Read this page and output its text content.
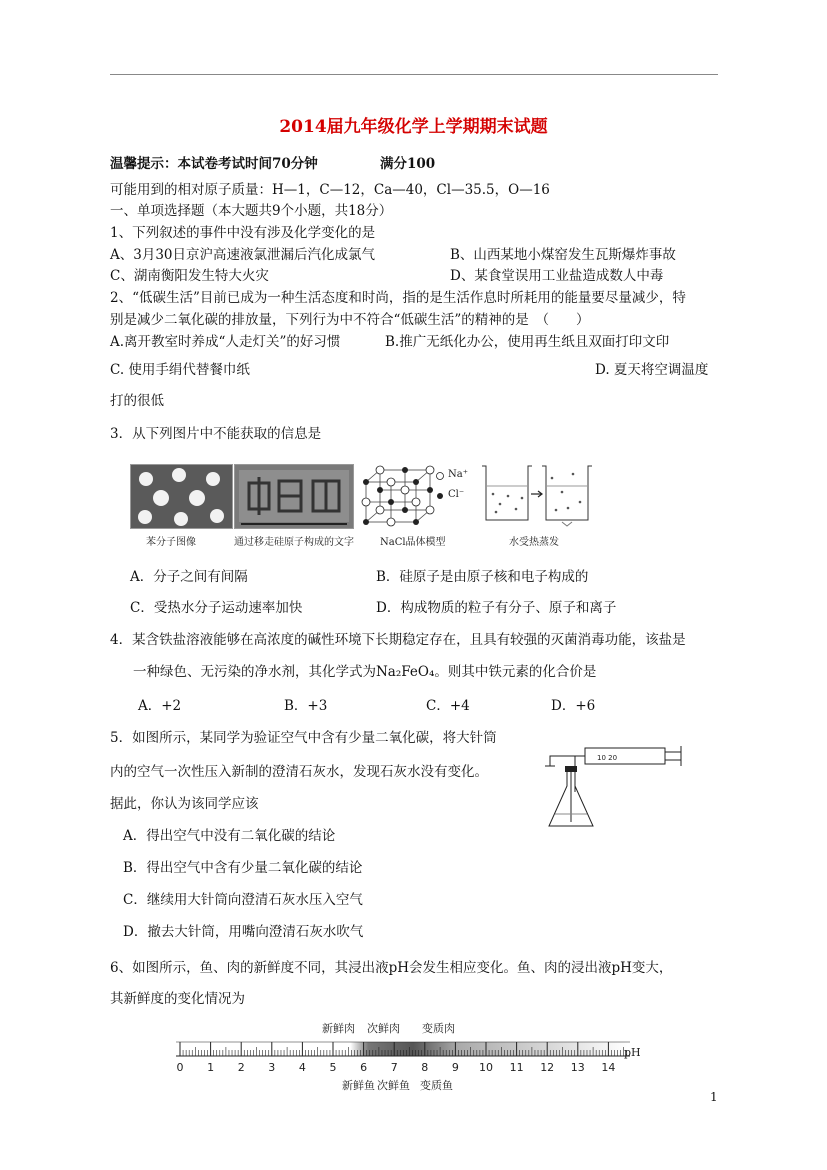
2014届九年级化学上学期期末试题
温馨提示：本试卷考试时间70分钟	满分100
可能用到的相对原子质量：H—1，C—12，Ca—40，Cl—35.5，O—16
一、单项选择题（本大题共9个小题，共18分）
1、下列叙述的事件中没有涉及化学变化的是
A、3月30日京沪高速液氯泄漏后汽化成氯气	B、山西某地小煤窑发生瓦斯爆炸事故
C、湖南衡阳发生特大火灾	D、某食堂误用工业盐造成数人中毒
2、“低碳生活”目前已成为一种生活态度和时尚，指的是生活作息时所耗用的能量要尽量减少，特
别是减少二氧化碳的排放量，下列行为中不符合“低碳生活”的精神的是　（　　）
A.离开教室时养成“人走灯关”的好习惯	B.推广无纸化办公，使用再生纸且双面打印文印
C. 使用手绢代替餐巾纸	D. 夏天将空调温度
打的很低
3．从下列图片中不能获取的信息是
Na⁺
Cl⁻
苯分子图像	通过移走硅原子构成的文字	NaCl晶体模型	水受热蒸发
A．分子之间有间隔	B．硅原子是由原子核和电子构成的
C．受热水分子运动速率加快	D．构成物质的粒子有分子、原子和离子
4．某含铁盐溶液能够在高浓度的碱性环境下长期稳定存在，且具有较强的灭菌消毒功能，该盐是
一种绿色、无污染的净水剂，其化学式为Na₂FeO₄。则其中铁元素的化合价是
A．+2	B．+3	C．+4	D．+6
5．如图所示，某同学为验证空气中含有少量二氧化碳，将大针筒
内的空气一次性压入新制的澄清石灰水，发现石灰水没有变化。
据此，你认为该同学应该
A．得出空气中没有二氧化碳的结论
B．得出空气中含有少量二氧化碳的结论
C．继续用大针筒向澄清石灰水压入空气
D．撤去大针筒，用嘴向澄清石灰水吹气
10 20
6、如图所示，鱼、肉的新鲜度不同，其浸出液pH会发生相应变化。鱼、肉的浸出液pH变大，
其新鲜度的变化情况为
新鲜肉 次鲜肉 变质肉
0 1 2 3 4 5 6 7 8 9 10 11 12 13 14
pH
新鲜鱼 次鲜鱼 变质鱼
1
